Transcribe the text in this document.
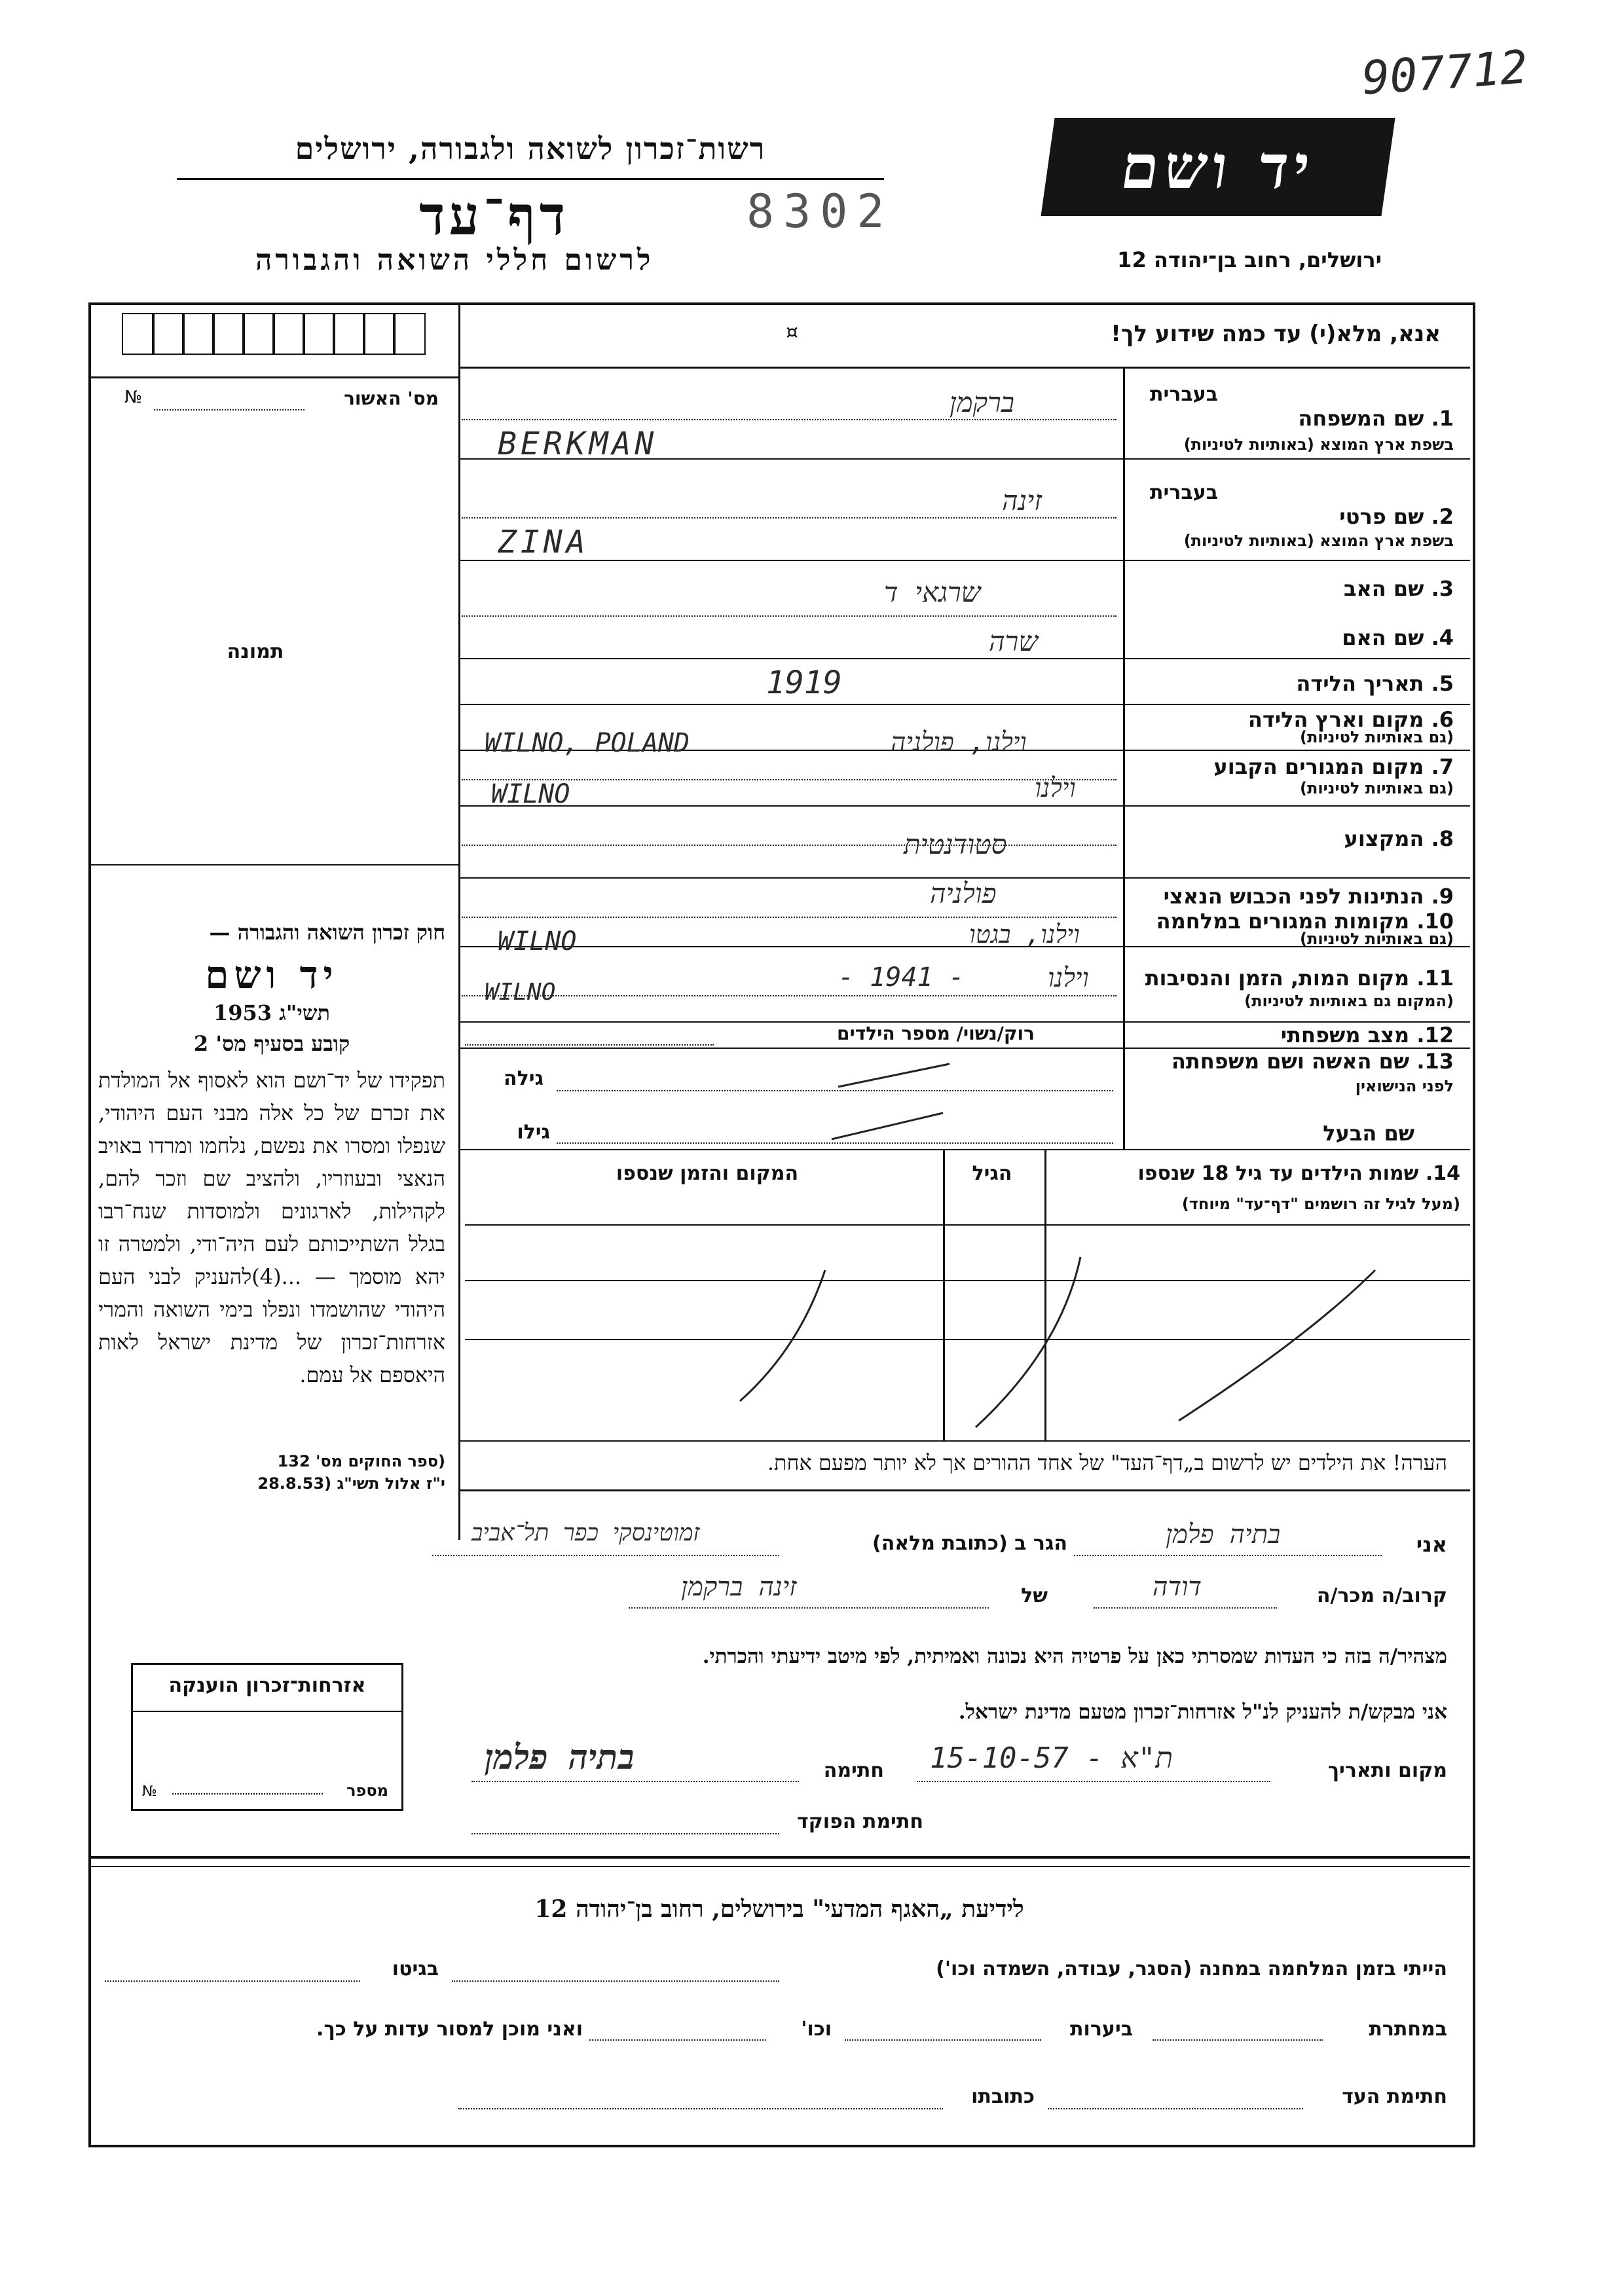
907712
רשות־זכרון לשואה ולגבורה, ירושלים
דף־עד	8302
לרשום חללי השואה והגבורה
יד ושם
ירושלים, רחוב בן־יהודה 12
אנא, מלא(י) עד כמה שידוע לך!
¤
№	מס' האשור
תמונה
בעברית
1. שם המשפחה
בשפת ארץ המוצא (באותיות לטיניות)
בעברית
2. שם פרטי
בשפת ארץ המוצא (באותיות לטיניות)
3. שם האב
4. שם האם
5. תאריך הלידה
6. מקום וארץ הלידה
(גם באותיות לטיניות)
7. מקום המגורים הקבוע
(גם באותיות לטיניות)
8. המקצוע
9. הנתינות לפני הכבוש הנאצי
10. מקומות המגורים במלחמה
(גם באותיות לטיניות)
11. מקום המות, הזמן והנסיבות
(המקום גם באותיות לטיניות)
12. מצב משפחתי
13. שם האשה ושם משפחתה
לפני הנישואין
שם הבעל
רוק/נשוי/ מספר הילדים
גילה
גילו
ברקמן
BERKMAN
זינה
ZINA
שרגאי ד
שרה
1919
וילנו, פולניה
WILNO, POLAND
וילנו
WILNO
סטודנטית
פולניה
וילנו, בגטו
WILNO
וילנו
- 1941 -
WILNO
חוק זכרון השואה והגבורה —
יד ושם
תשי"ג 1953
קובע בסעיף מס' 2
תפקידו של יד־ושם הוא לאסוף אל המולדת את זכרם של כל אלה מבני העם היהודי, שנפלו ומסרו את נפשם, נלחמו ומרדו באויב הנאצי ובעוזריו, ולהציב שם וזכר להם, לקהילות, לארגונים ולמוסדות שנח־רבו בגלל השתייכותם לעם היה־ודי, ולמטרה זו יהא מוסמך — ...(4)להעניק לבני העם היהודי שהושמדו ונפלו בימי השואה והמרי אזרחות־זכרון של מדינת ישראל לאות היאספם אל עמם.
(ספר החוקים מס' 132
י"ז אלול תשי"ג (28.8.53
14. שמות הילדים עד גיל 18 שנספו
(מעל לגיל זה רושמים "דף־עד" מיוחד)
הגיל
המקום והזמן שנספו
הערה! את הילדים יש לרשום ב„דף־העד" של אחד ההורים אך לא יותר מפעם אחת.
אני
בתיה פלמן
הגר ב (כתובת מלאה)
זמוטינסקי כפר תל־אביב
קרוב/ה מכר/ה
דודה
של
זינה ברקמן
מצהיר/ה בזה כי העדות שמסרתי כאן על פרטיה היא נכונה ואמיתית, לפי מיטב ידיעתי והכרתי.
אני מבקש/ת להעניק לנ"ל אזרחות־זכרון מטעם מדינת ישראל.
מקום ותאריך
ת"א - 15-10-57
חתימה
בתיה פלמן
חתימת הפוקד
אזרחות־זכרון הוענקה
מספר
№
לידיעת „האגף המדעי" בירושלים, רחוב בן־יהודה 12
הייתי בזמן המלחמה במחנה (הסגר, עבודה, השמדה וכו')
בגיטו
במחתרת
ביערות
וכו'
ואני מוכן למסור עדות על כך.
חתימת העד
כתובתו
